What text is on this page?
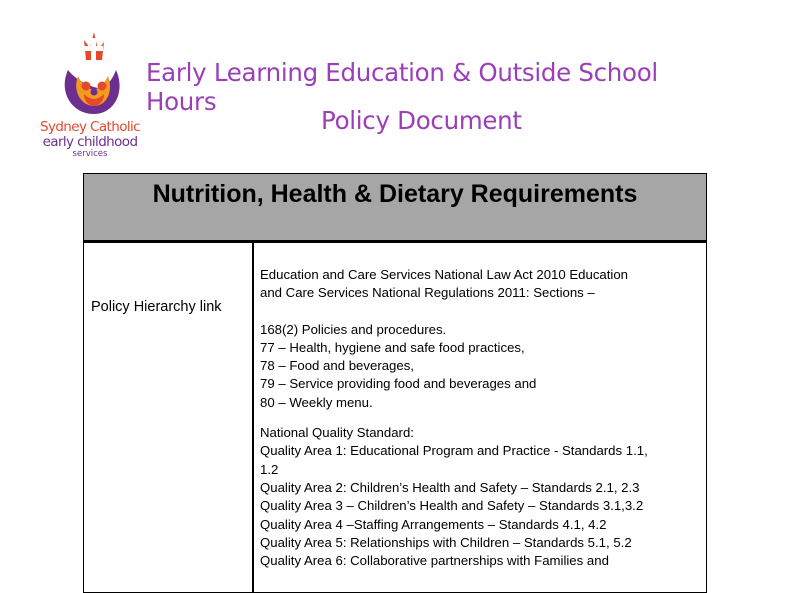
Sydney Catholic
early childhood
services
Early Learning Education & Outside School Hours
Policy Document
Nutrition, Health & Dietary Requirements
Policy Hierarchy link

Education and Care Services National Law Act 2010 Education

and Care Services National Regulations 2011: Sections –

168(2) Policies and procedures.

77 – Health, hygiene and safe food practices,

78 – Food and beverages,

79 – Service providing food and beverages and

80 – Weekly menu.

National Quality Standard:

Quality Area 1: Educational Program and Practice - Standards 1.1,

1.2

Quality Area 2: Children’s Health and Safety – Standards 2.1, 2.3

Quality Area 3 – Children’s Health and Safety – Standards 3.1,3.2

Quality Area 4 –Staffing Arrangements – Standards 4.1, 4.2

Quality Area 5: Relationships with Children – Standards 5.1, 5.2

Quality Area 6: Collaborative partnerships with Families and
